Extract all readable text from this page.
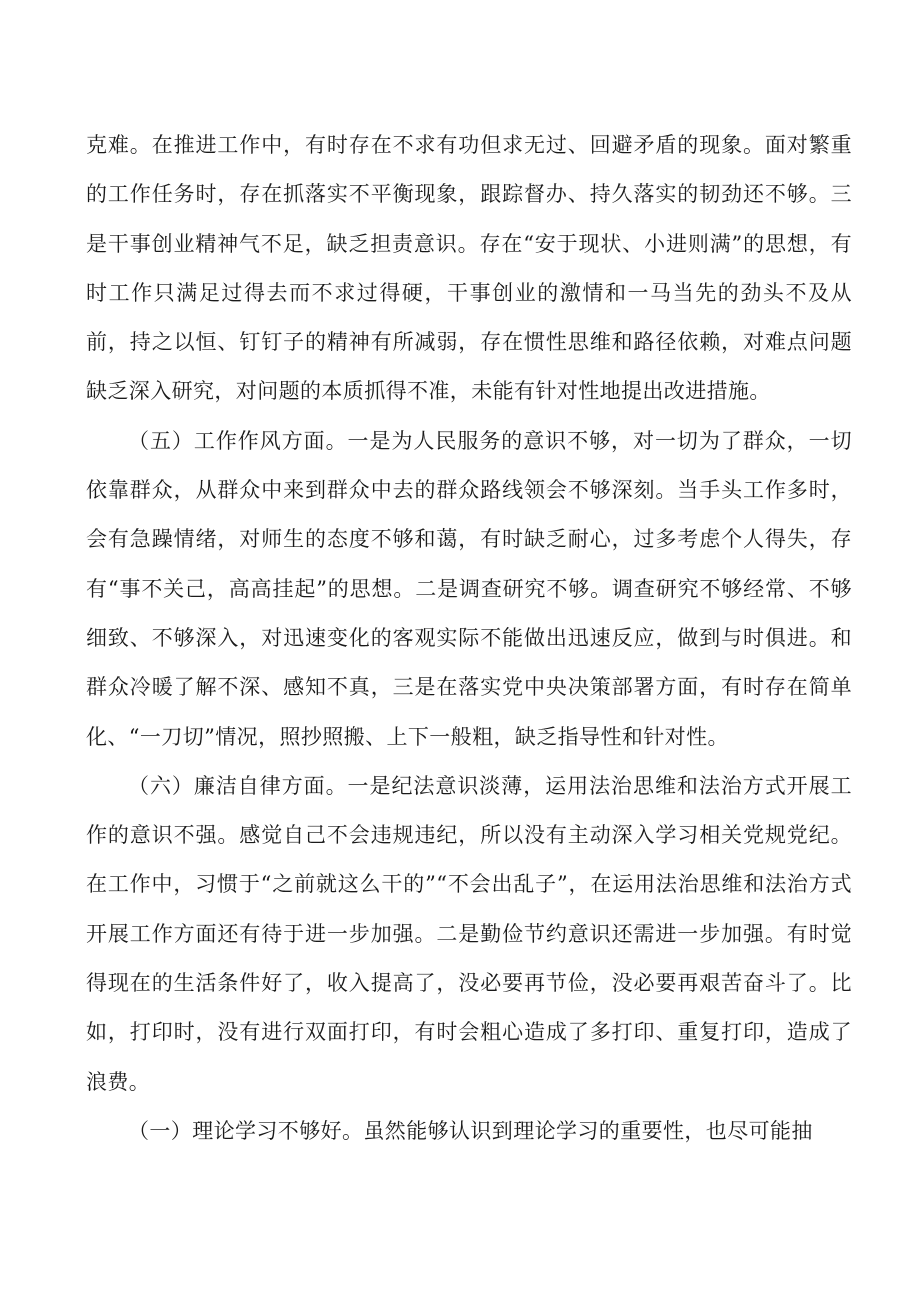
克难。在推进工作中，有时存在不求有功但求无过、回避矛盾的现象。面对繁重的工作任务时，存在抓落实不平衡现象，跟踪督办、持久落实的韧劲还不够。三是干事创业精神气不足，缺乏担责意识。存在“安于现状、小进则满”的思想，有时工作只满足过得去而不求过得硬，干事创业的激情和一马当先的劲头不及从前，持之以恒、钉钉子的精神有所减弱，存在惯性思维和路径依赖，对难点问题缺乏深入研究，对问题的本质抓得不准，未能有针对性地提出改进措施。

（五）工作作风方面。一是为人民服务的意识不够，对一切为了群众，一切依靠群众，从群众中来到群众中去的群众路线领会不够深刻。当手头工作多时，会有急躁情绪，对师生的态度不够和蔼，有时缺乏耐心，过多考虑个人得失，存有“事不关己，高高挂起”的思想。二是调查研究不够。调查研究不够经常、不够细致、不够深入，对迅速变化的客观实际不能做出迅速反应，做到与时俱进。和群众冷暖了解不深、感知不真，三是在落实党中央决策部署方面，有时存在简单化、“一刀切”情况，照抄照搬、上下一般粗，缺乏指导性和针对性。

（六）廉洁自律方面。一是纪法意识淡薄，运用法治思维和法治方式开展工作的意识不强。感觉自己不会违规违纪，所以没有主动深入学习相关党规党纪。在工作中，习惯于“之前就这么干的”“不会出乱子”，在运用法治思维和法治方式开展工作方面还有待于进一步加强。二是勤俭节约意识还需进一步加强。有时觉得现在的生活条件好了，收入提高了，没必要再节俭，没必要再艰苦奋斗了。比如，打印时，没有进行双面打印，有时会粗心造成了多打印、重复打印，造成了浪费。

（一）理论学习不够好。虽然能够认识到理论学习的重要性，也尽可能抽
